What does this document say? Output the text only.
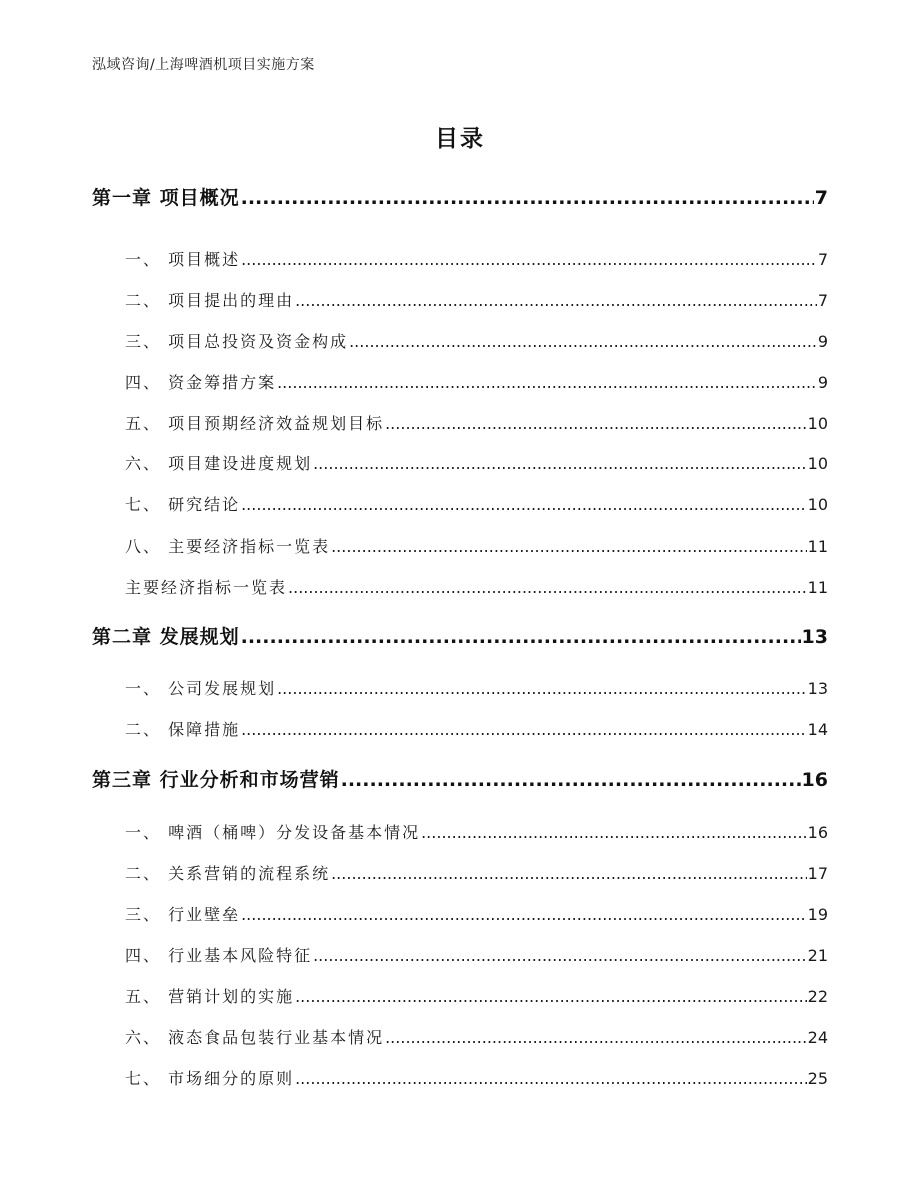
泓域咨询/上海啤酒机项目实施方案
目录
第一章 项目概况 .....	7
一、 项目概述 .....	7
二、 项目提出的理由 .....	7
三、 项目总投资及资金构成 .....	9
四、 资金筹措方案 .....	9
五、 项目预期经济效益规划目标 .....	10
六、 项目建设进度规划 .....	10
七、 研究结论 .....	10
八、 主要经济指标一览表 .....	11
主要经济指标一览表 .....	11
第二章 发展规划 .....	13
一、 公司发展规划 .....	13
二、 保障措施 .....	14
第三章 行业分析和市场营销 .....	16
一、 啤酒（桶啤）分发设备基本情况 .....	16
二、 关系营销的流程系统 .....	17
三、 行业壁垒 .....	19
四、 行业基本风险特征 .....	21
五、 营销计划的实施 .....	22
六、 液态食品包装行业基本情况 .....	24
七、 市场细分的原则 .....	25
